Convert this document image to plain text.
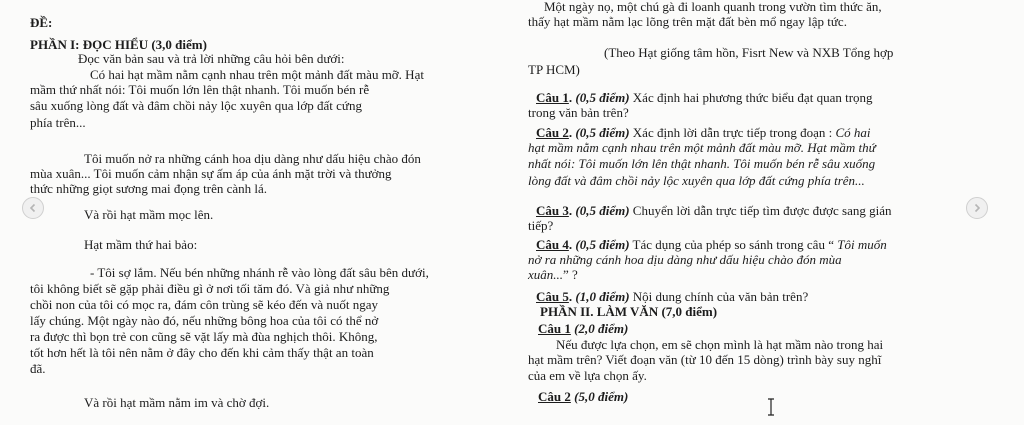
ĐỀ:
PHẦN I: ĐỌC HIỂU (3,0 điểm)
Đọc văn bản sau và trả lời những câu hỏi bên dưới:
Có hai hạt mầm nằm cạnh nhau trên một mảnh đất màu mỡ. Hạt
mầm thứ nhất nói: Tôi muốn lớn lên thật nhanh. Tôi muốn bén rễ
sâu xuống lòng đất và đâm chồi nảy lộc xuyên qua lớp đất cứng
phía trên...
Tôi muốn nở ra những cánh hoa dịu dàng như dấu hiệu chào đón
mùa xuân... Tôi muốn cảm nhận sự ấm áp của ánh mặt trời và thưởng
thức những giọt sương mai đọng trên cành lá.
Và rồi hạt mầm mọc lên.
Hạt mầm thứ hai bảo:
- Tôi sợ lắm. Nếu bén những nhánh rễ vào lòng đất sâu bên dưới,
tôi không biết sẽ gặp phải điều gì ở nơi tối tăm đó. Và giả như những
chồi non của tôi có mọc ra, đám côn trùng sẽ kéo đến và nuốt ngay
lấy chúng. Một ngày nào đó, nếu những bông hoa của tôi có thể nở
ra được thì bọn trẻ con cũng sẽ vặt lấy mà đùa nghịch thôi. Không,
tốt hơn hết là tôi nên nằm ở đây cho đến khi cảm thấy thật an toàn
đã.
Và rồi hạt mầm nằm im và chờ đợi.
Một ngày nọ, một chú gà đi loanh quanh trong vườn tìm thức ăn,
thấy hạt mầm nằm lạc lõng trên mặt đất bèn mổ ngay lập tức.
(Theo Hạt giống tâm hồn, Fisrt New và NXB Tổng hợp
TP HCM)
Câu 1. (0,5 điểm) Xác định hai phương thức biểu đạt quan trọng
trong văn bản trên?
Câu 2. (0,5 điểm) Xác định lời dẫn trực tiếp trong đoạn : Có hai
hạt mầm nằm cạnh nhau trên một mảnh đất màu mỡ. Hạt mầm thứ
nhất nói: Tôi muốn lớn lên thật nhanh. Tôi muốn bén rễ sâu xuống
lòng đất và đâm chồi nảy lộc xuyên qua lớp đất cứng phía trên...
Câu 3. (0,5 điểm) Chuyển lời dẫn trực tiếp tìm được được sang gián
tiếp?
Câu 4. (0,5 điểm) Tác dụng của phép so sánh trong câu “ Tôi muốn
nở ra những cánh hoa dịu dàng như dấu hiệu chào đón mùa
xuân...” ?
Câu 5. (1,0 điểm) Nội dung chính của văn bản trên?
PHẦN II. LÀM VĂN (7,0 điểm)
Câu 1 (2,0 điểm)
Nếu được lựa chọn, em sẽ chọn mình là hạt mầm nào trong hai
hạt mầm trên? Viết đoạn văn (từ 10 đến 15 dòng) trình bày suy nghĩ
của em về lựa chọn ấy.
Câu 2 (5,0 điểm)
